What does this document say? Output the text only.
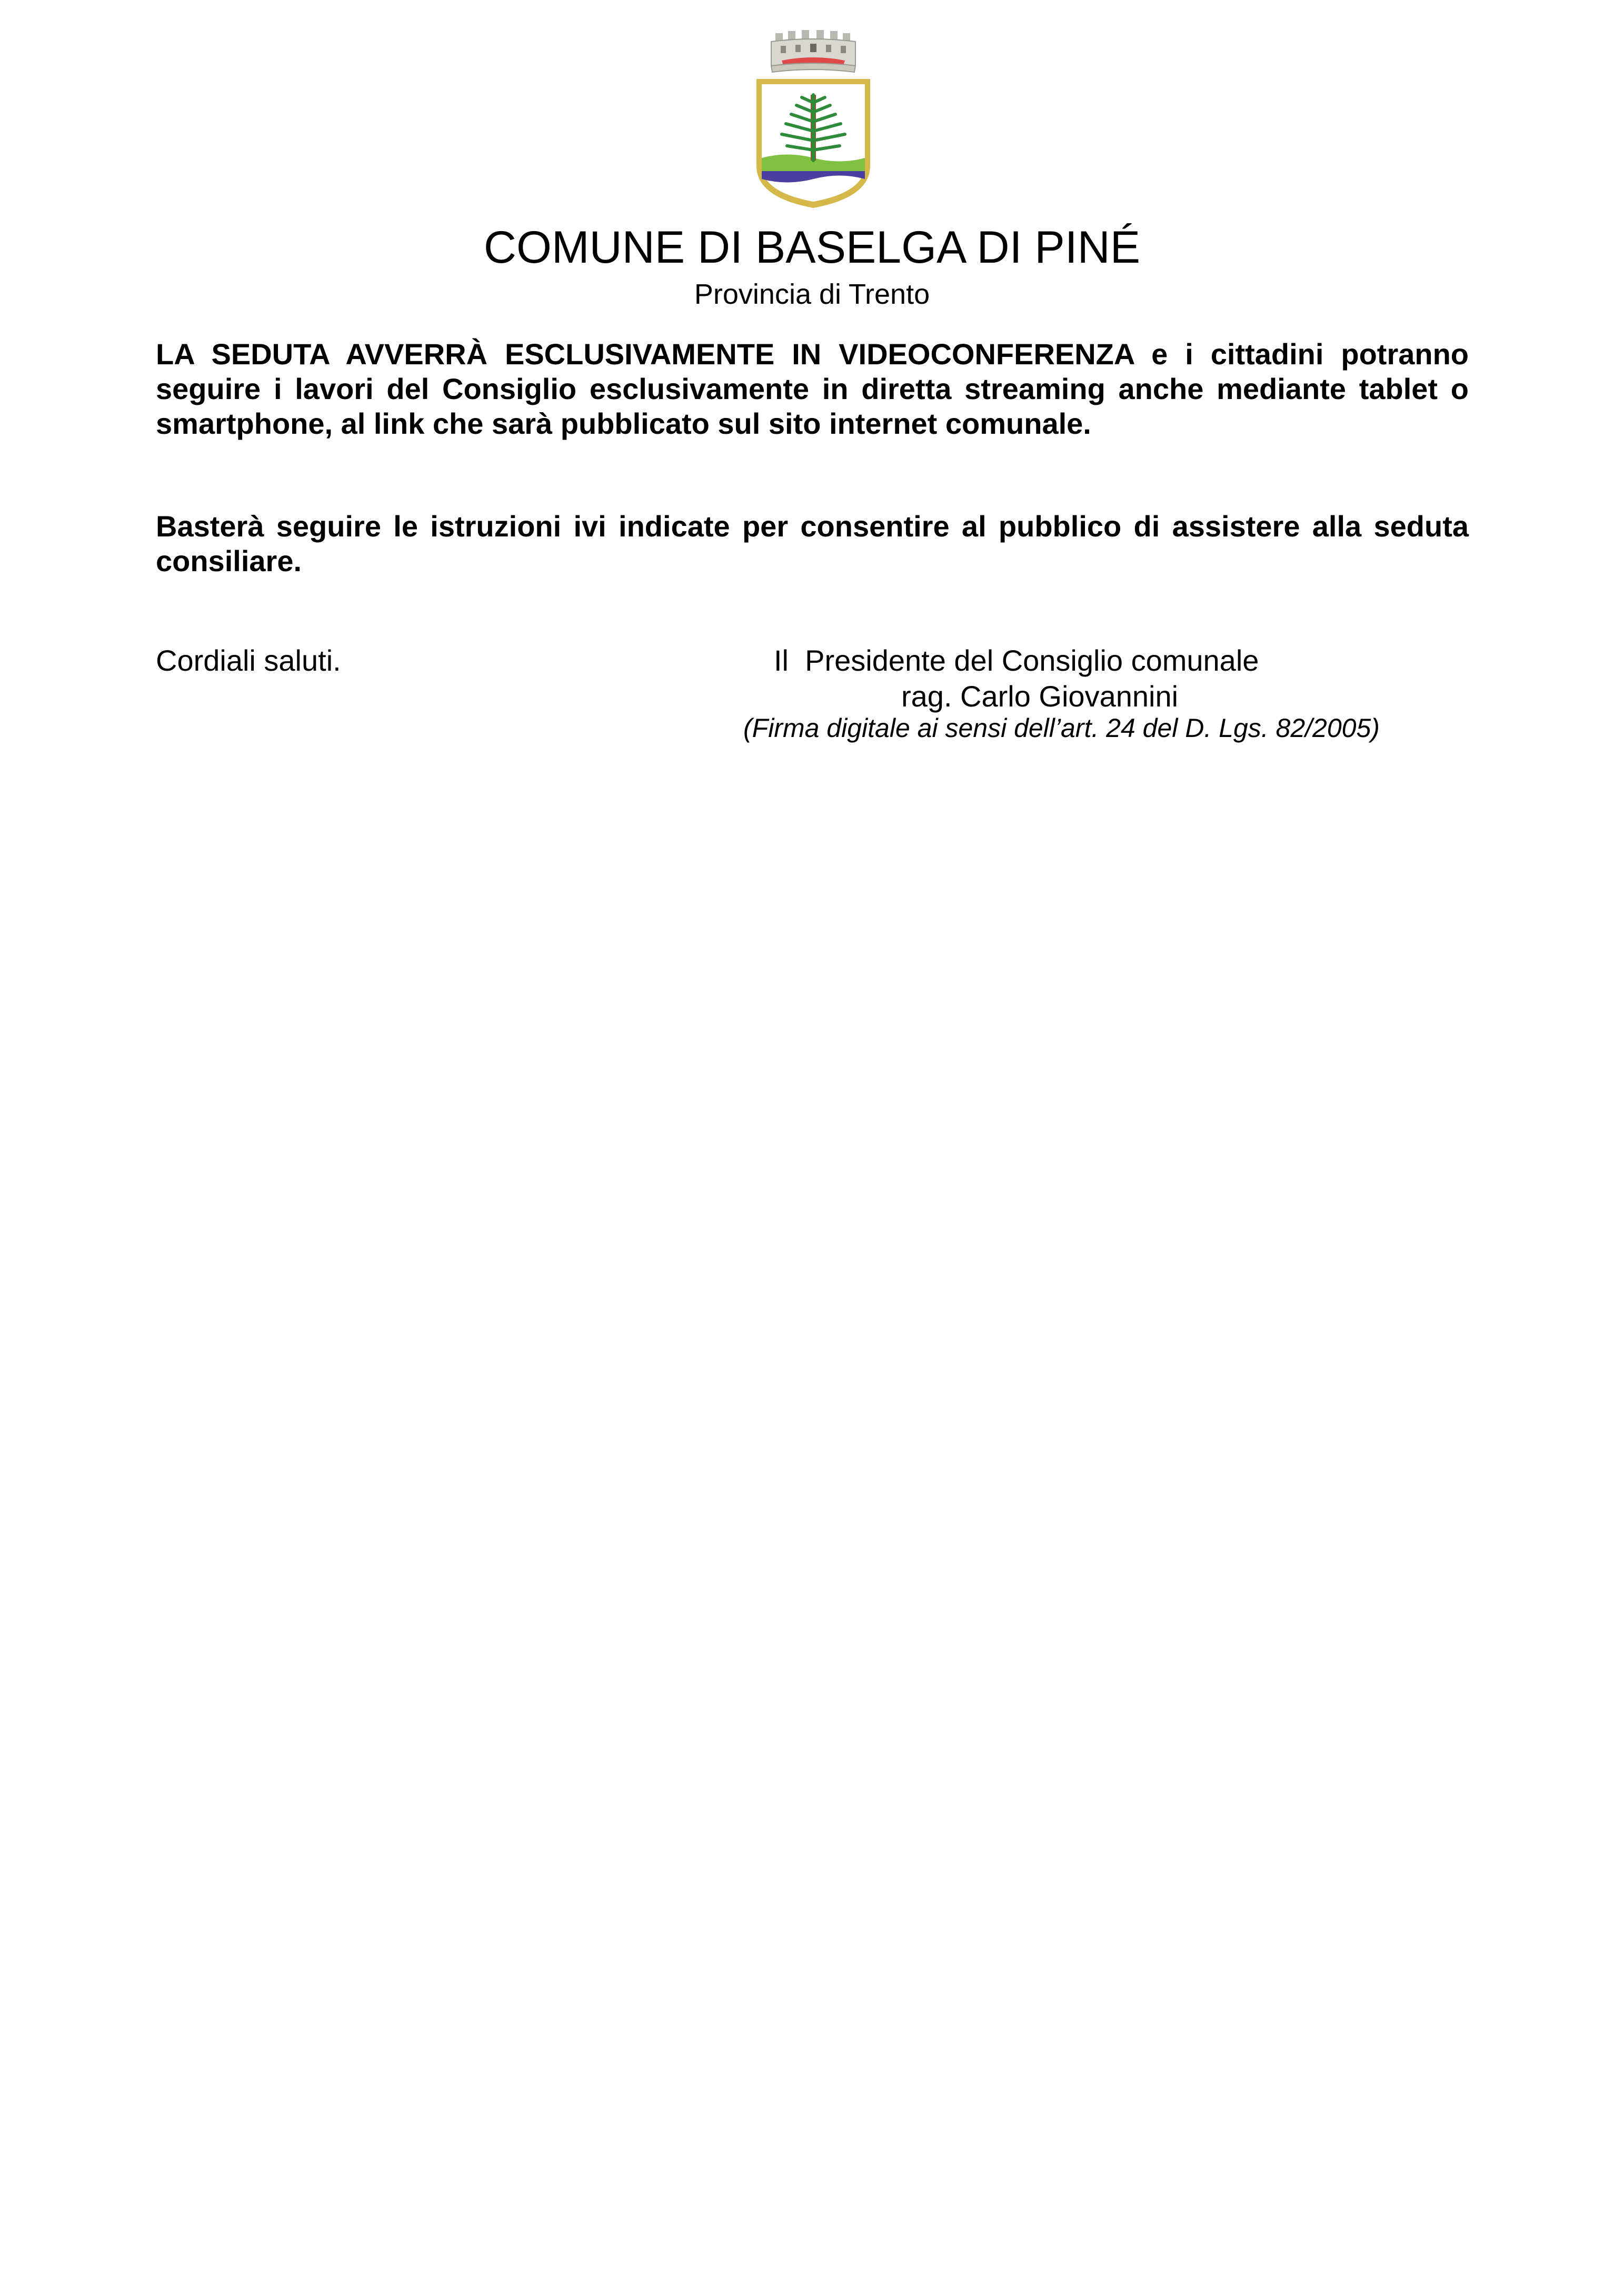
COMUNE DI BASELGA DI PINÉ

Provincia di Trento

LA SEDUTA AVVERRÀ ESCLUSIVAMENTE IN VIDEOCONFERENZA e i cittadini potranno seguire i lavori del Consiglio esclusivamente in diretta streaming anche mediante tablet o smartphone, al link che sarà pubblicato sul sito internet comunale.

Basterà seguire le istruzioni ivi indicate per consentire al pubblico di assistere alla seduta consiliare.

Cordiali saluti.	Il  Presidente del Consiglio comunale

rag. Carlo Giovannini

(Firma digitale ai sensi dell’art. 24 del D. Lgs. 82/2005)
